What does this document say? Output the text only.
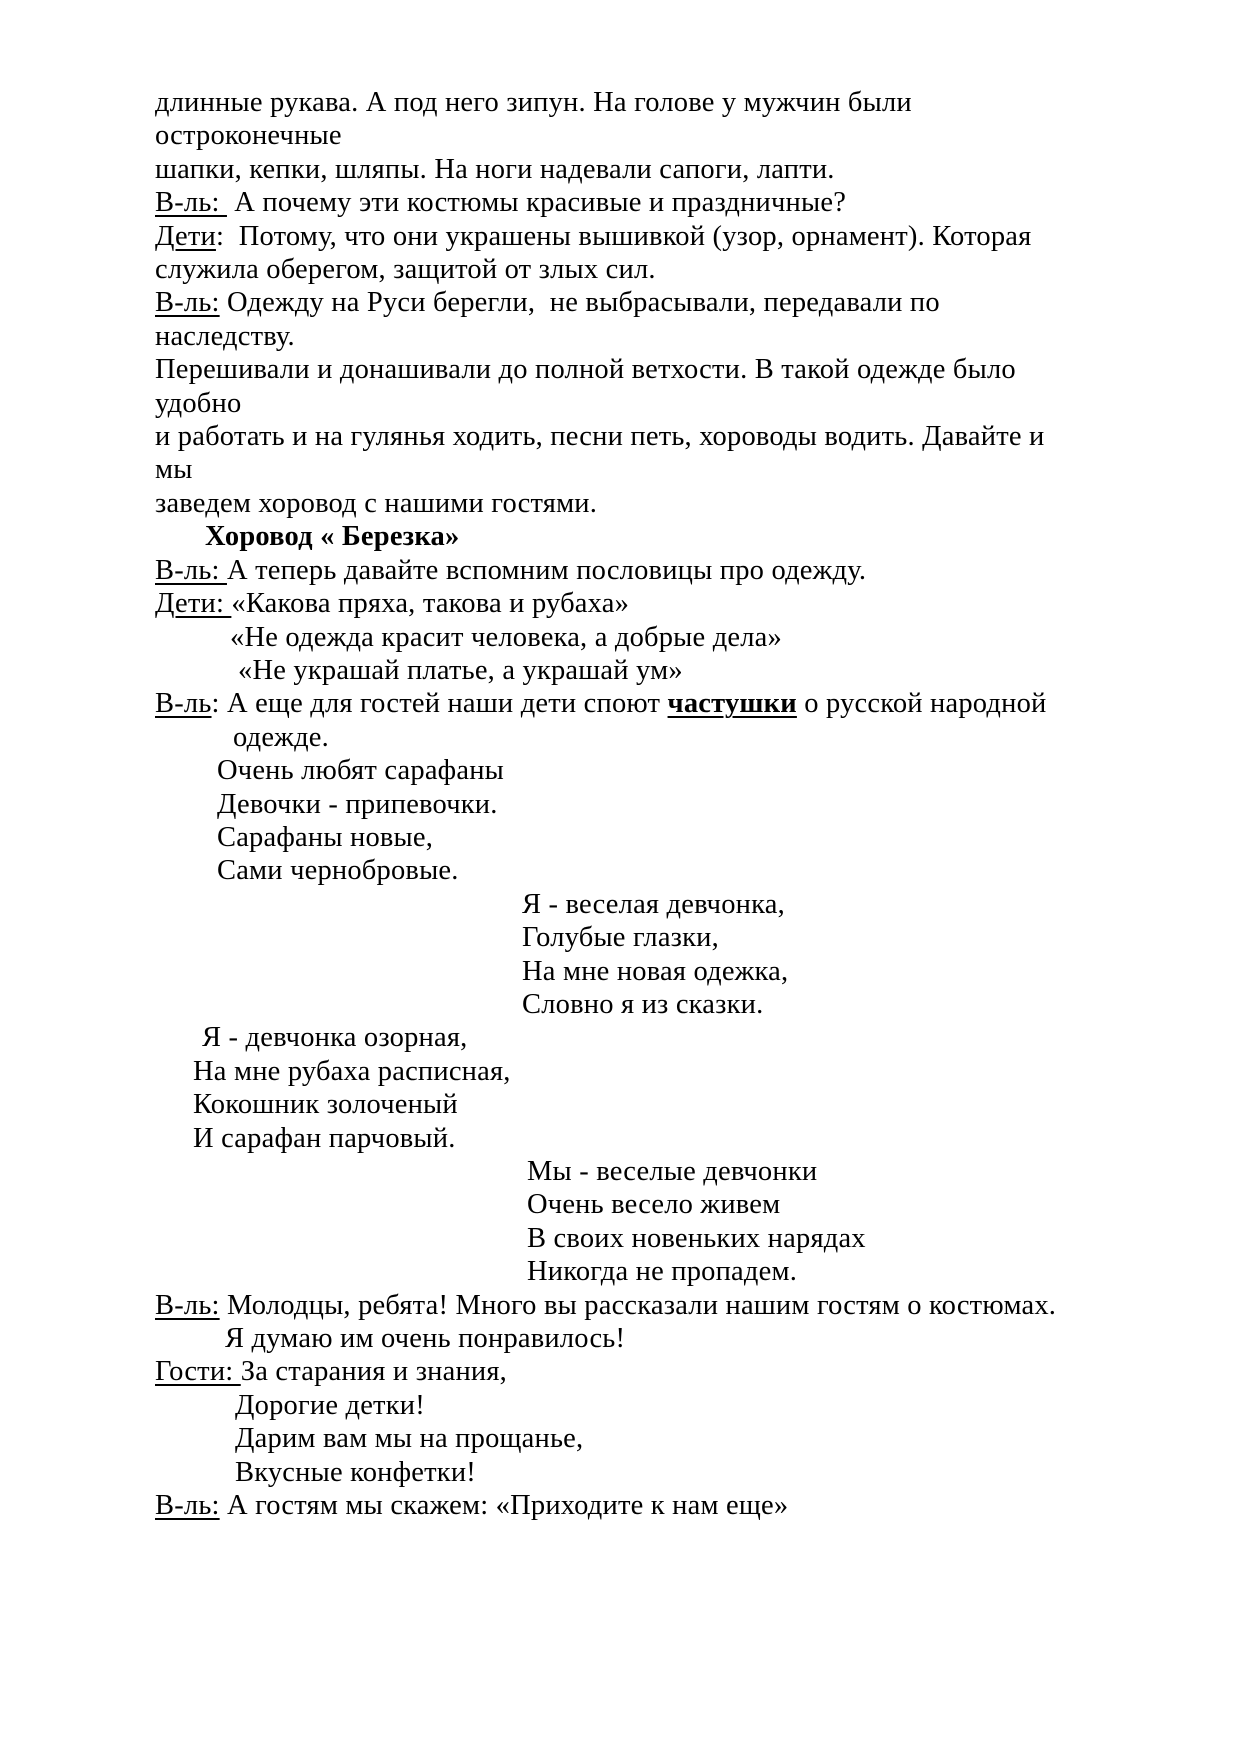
длинные рукава. А под него зипун. На голове у мужчин были остроконечные
шапки, кепки, шляпы. На ноги надевали сапоги, лапти.
В-ль:  А почему эти костюмы красивые и праздничные?
Дети:  Потому, что они украшены вышивкой (узор, орнамент). Которая
служила оберегом, защитой от злых сил.
В-ль: Одежду на Руси берегли,  не выбрасывали, передавали по наследству.
Перешивали и донашивали до полной ветхости. В такой одежде было удобно
и работать и на гулянья ходить, песни петь, хороводы водить. Давайте и мы
заведем хоровод с нашими гостями.
Хоровод « Березка»
В-ль: А теперь давайте вспомним пословицы про одежду.
Дети: «Какова пряха, такова и рубаха»
«Не одежда красит человека, а добрые дела»
«Не украшай платье, а украшай ум»
В-ль: А еще для гостей наши дети споют частушки о русской народной
одежде.
Очень любят сарафаны
Девочки - припевочки.
Сарафаны новые,
Сами чернобровые.
Я - веселая девчонка,
Голубые глазки,
На мне новая одежка,
Словно я из сказки.
Я - девчонка озорная,
На мне рубаха расписная,
Кокошник золоченый
И сарафан парчовый.
Мы - веселые девчонки
Очень весело живем
В своих новеньких нарядах
Никогда не пропадем.
В-ль: Молодцы, ребята! Много вы рассказали нашим гостям о костюмах.
Я думаю им очень понравилось!
Гости: За старания и знания,
Дорогие детки!
Дарим вам мы на прощанье,
Вкусные конфетки!
В-ль: А гостям мы скажем: «Приходите к нам еще»
